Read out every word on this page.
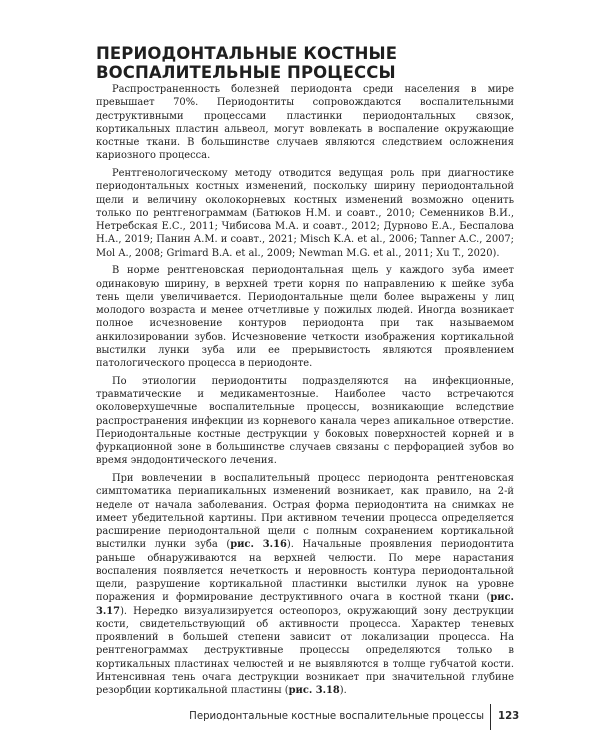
ПЕРИОДОНТАЛЬНЫЕ КОСТНЫЕ ВОСПАЛИТЕЛЬНЫЕ ПРОЦЕССЫ

Распространенность болезней периодонта среди населения в мире превышает 70%. Периодонтиты сопровождаются воспалительными деструктивными процессами пластинки периодонтальных связок, кортикальных пластин альвеол, могут вовлекать в воспаление окружающие костные ткани. В большинстве случаев являются следствием осложнения кариозного процесса.

Рентгенологическому методу отводится ведущая роль при диагностике периодонтальных костных изменений, поскольку ширину периодонтальной щели и величину околокорневых костных изменений возможно оценить только по рентгенограммам (Батюков Н.М. и соавт., 2010; Семенников В.И., Нетребская Е.С., 2011; Чибисова М.А. и соавт., 2012; Дурново Е.А., Беспалова Н.А., 2019; Панин А.М. и соавт., 2021; Misch K.A. et al., 2006; Tanner A.C., 2007; Mol A., 2008; Grimard B.A. et al., 2009; Newman M.G. et al., 2011; Xu T., 2020).

В норме рентгеновская периодонтальная щель у каждого зуба имеет одинаковую ширину, в верхней трети корня по направлению к шейке зуба тень щели увеличивается. Периодонтальные щели более выражены у лиц молодого возраста и менее отчетливые у пожилых людей. Иногда возникает полное исчезновение контуров периодонта при так называемом анкилозировании зубов. Исчезновение четкости изображения кортикальной выстилки лунки зуба или ее прерывистость являются проявлением патологического процесса в периодонте.

По этиологии периодонтиты подразделяются на инфекционные, травматические и медикаментозные. Наиболее часто встречаются околоверхушечные воспалительные процессы, возникающие вследствие распространения инфекции из корневого канала через апикальное отверстие. Периодонтальные костные деструкции у боковых поверхностей корней и в фуркационной зоне в большинстве случаев связаны с перфорацией зубов во время эндодонтического лечения.

При вовлечении в воспалительный процесс периодонта рентгеновская симптоматика периапикальных изменений возникает, как правило, на 2-й неделе от начала заболевания. Острая форма периодонтита на снимках не имеет убедительной картины. При активном течении процесса определяется расширение периодонтальной щели с полным сохранением кортикальной выстилки лунки зуба (рис. 3.16). Начальные проявления периодонтита раньше обнаруживаются на верхней челюсти. По мере нарастания воспаления появляется нечеткость и неровность контура периодонтальной щели, разрушение кортикальной пластинки выстилки лунок на уровне поражения и формирование деструктивного очага в костной ткани (рис. 3.17). Нередко визуализируется остеопороз, окружающий зону деструкции кости, свидетельствующий об активности процесса. Характер теневых проявлений в большей степени зависит от локализации процесса. На рентгенограммах деструктивные процессы определяются только в кортикальных пластинах челюстей и не выявляются в толще губчатой кости. Интенсивная тень очага деструкции возникает при значительной глубине резорбции кортикальной пластины (рис. 3.18).

Периодонтальные костные воспалительные процессы 123
